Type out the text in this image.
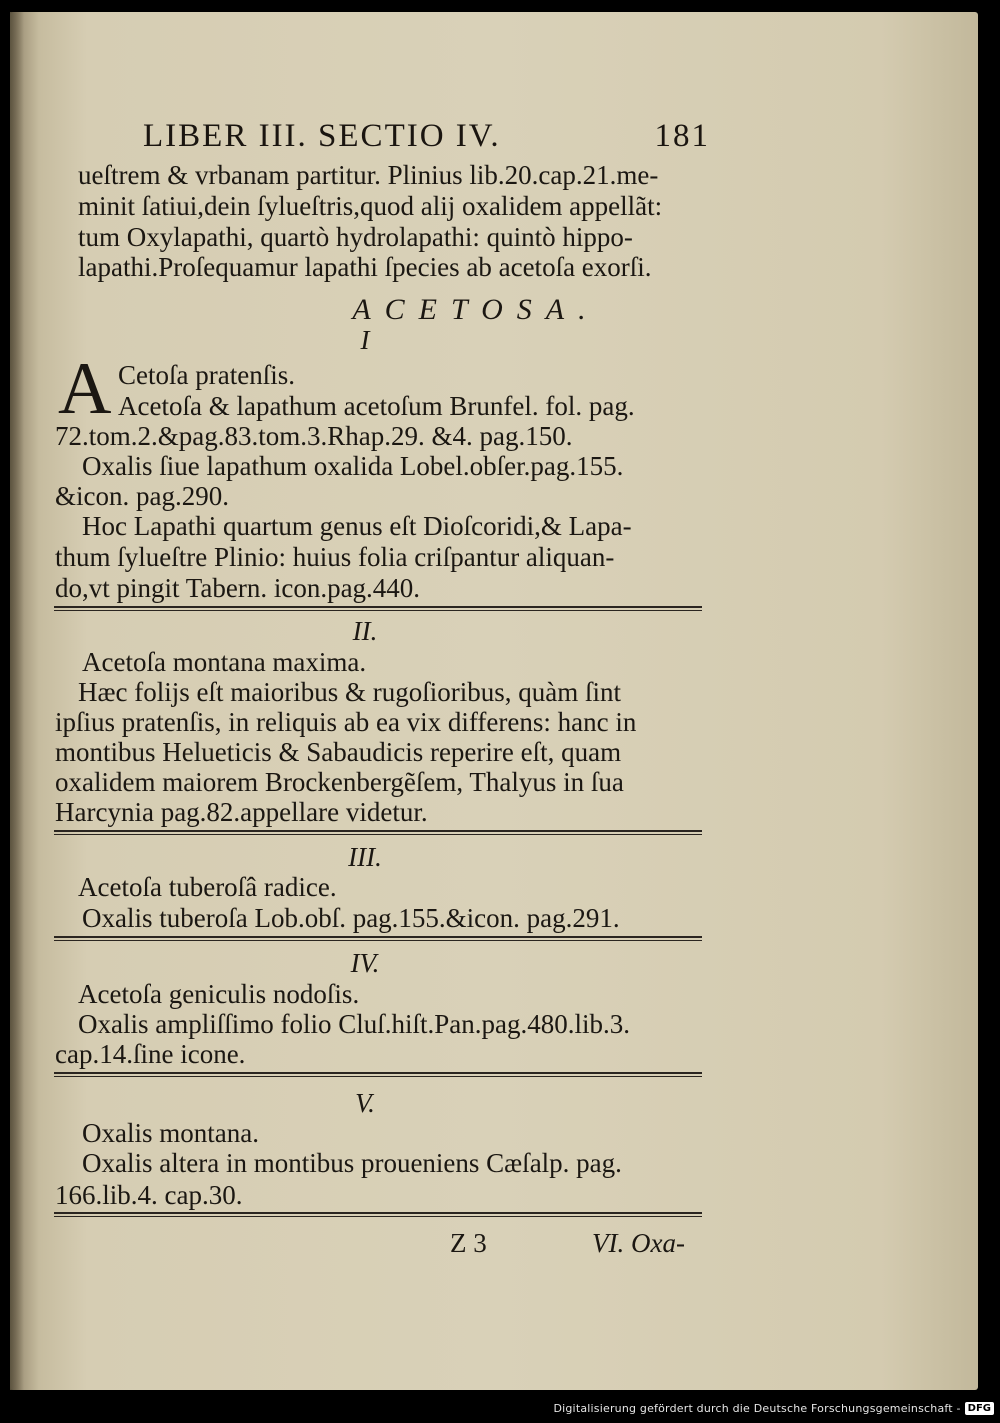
LIBER III. SECTIO IV.	181
ueſtrem & vrbanam partitur. Plinius lib.20.cap.21.me-
minit ſatiui,dein ſylueſtris,quod alij oxalidem appellãt:
tum Oxylapathi, quartò hydrolapathi: quintò hippo-
lapathi.Proſequamur lapathi ſpecies ab acetoſa exorſi.
ACETOSA.
I
A Cetoſa pratenſis.
Acetoſa & lapathum acetoſum Brunfel. fol. pag.
72.tom.2.&pag.83.tom.3.Rhap.29. &4. pag.150.
Oxalis ſiue lapathum oxalida Lobel.obſer.pag.155.
&icon. pag.290.
Hoc Lapathi quartum genus eſt Dioſcoridi,& Lapa-
thum ſylueſtre Plinio: huius folia criſpantur aliquan-
do,vt pingit Tabern. icon.pag.440.
II.
Acetoſa montana maxima.
Hæc folijs eſt maioribus & rugoſioribus, quàm ſint
ipſius pratenſis, in reliquis ab ea vix differens: hanc in
montibus Helueticis & Sabaudicis reperire eſt, quam
oxalidem maiorem Brockenbergẽſem, Thalyus in ſua
Harcynia pag.82.appellare videtur.
III.
Acetoſa tuberoſâ radice.
Oxalis tuberoſa Lob.obſ. pag.155.&icon. pag.291.
IV.
Acetoſa geniculis nodoſis.
Oxalis ampliſſimo folio Cluſ.hiſt.Pan.pag.480.lib.3.
cap.14.ſine icone.
V.
Oxalis montana.
Oxalis altera in montibus proueniens Cæſalp. pag.
166.lib.4. cap.30.
Z 3	VI. Oxa-
Digitalisierung gefördert durch die Deutsche Forschungsgemeinschaft - DFG
